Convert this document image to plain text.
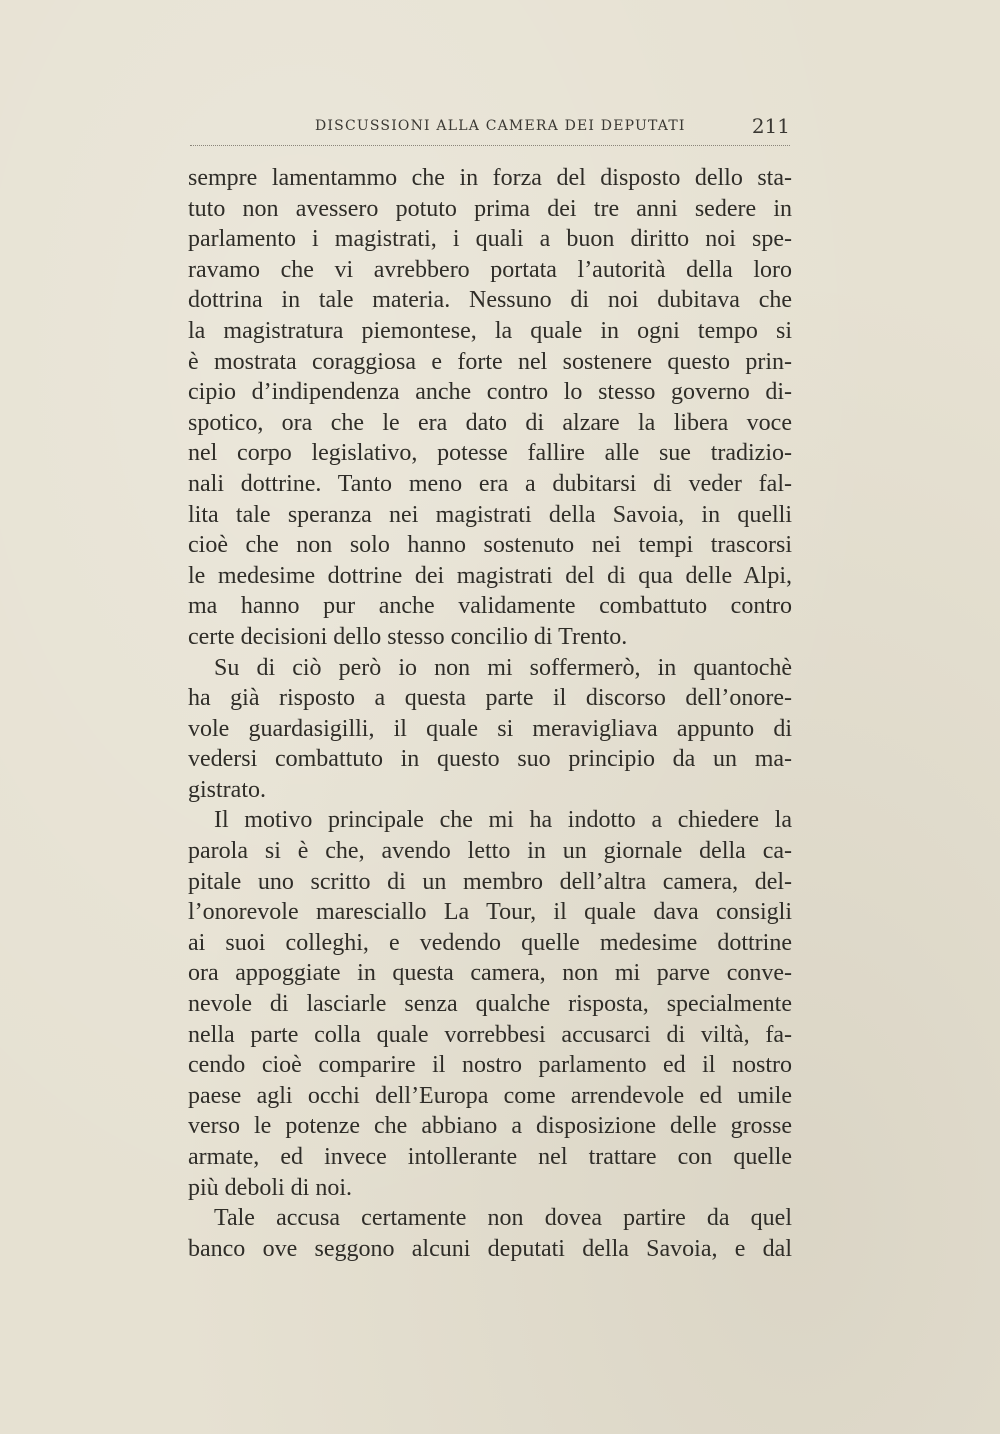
DISCUSSIONI ALLA CAMERA DEI DEPUTATI	211
sempre lamentammo che in forza del disposto dello sta-
tuto non avessero potuto prima dei tre anni sedere in
parlamento i magistrati, i quali a buon diritto noi spe-
ravamo che vi avrebbero portata l’autorità della loro
dottrina in tale materia. Nessuno di noi dubitava che
la magistratura piemontese, la quale in ogni tempo si
è mostrata coraggiosa e forte nel sostenere questo prin-
cipio d’indipendenza anche contro lo stesso governo di-
spotico, ora che le era dato di alzare la libera voce
nel corpo legislativo, potesse fallire alle sue tradizio-
nali dottrine. Tanto meno era a dubitarsi di veder fal-
lita tale speranza nei magistrati della Savoia, in quelli
cioè che non solo hanno sostenuto nei tempi trascorsi
le medesime dottrine dei magistrati del di qua delle Alpi,
ma hanno pur anche validamente combattuto contro
certe decisioni dello stesso concilio di Trento.
Su di ciò però io non mi soffermerò, in quantochè
ha già risposto a questa parte il discorso dell’onore-
vole guardasigilli, il quale si meravigliava appunto di
vedersi combattuto in questo suo principio da un ma-
gistrato.
Il motivo principale che mi ha indotto a chiedere la
parola si è che, avendo letto in un giornale della ca-
pitale uno scritto di un membro dell’altra camera, del-
l’onorevole maresciallo La Tour, il quale dava consigli
ai suoi colleghi, e vedendo quelle medesime dottrine
ora appoggiate in questa camera, non mi parve conve-
nevole di lasciarle senza qualche risposta, specialmente
nella parte colla quale vorrebbesi accusarci di viltà, fa-
cendo cioè comparire il nostro parlamento ed il nostro
paese agli occhi dell’Europa come arrendevole ed umile
verso le potenze che abbiano a disposizione delle grosse
armate, ed invece intollerante nel trattare con quelle
più deboli di noi.
Tale accusa certamente non dovea partire da quel
banco ove seggono alcuni deputati della Savoia, e dal
